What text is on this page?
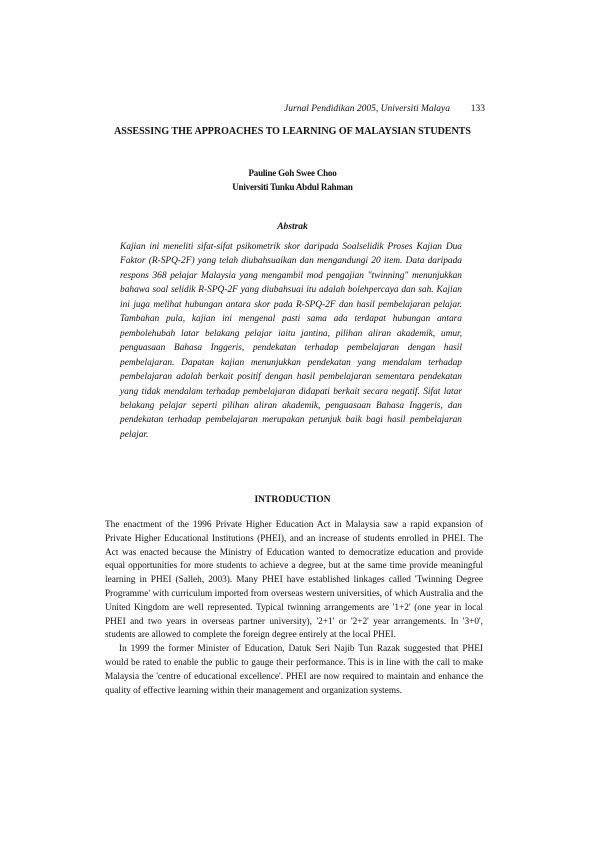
Jurnal Pendidikan 2005, Universiti Malaya 133
ASSESSING THE APPROACHES TO LEARNING OF MALAYSIAN STUDENTS
Pauline Goh Swee Choo
Universiti Tunku Abdul Rahman
Abstrak
Kajian ini meneliti sifat-sifat psikometrik skor daripada Soalselidik Proses Kajian Dua Faktor (R-SPQ-2F) yang telah diubahsuaikan dan mengandungi 20 item. Data daripada respons 368 pelajar Malaysia yang mengambil mod pengajian "twinning" menunjukkan bahawa soal selidik R-SPQ-2F yang diubahsuai itu adalah bolehpercaya dan sah. Kajian ini juga melihat hubungan antara skor pada R-SPQ-2F dan hasil pembelajaran pelajar. Tambahan pula, kajian ini mengenal pasti sama ada terdapat hubungan antara pembolehubah latar belakang pelajar iaitu jantina, pilihan aliran akademik, umur, penguasaan Bahasa Inggeris, pendekatan terhadap pembelajaran dengan hasil pembelajaran. Dapatan kajian menunjukkan pendekatan yang mendalam terhadap pembelajaran adalah berkait positif dengan hasil pembelajaran sementara pendekatan yang tidak mendalam terhadap pembelajaran didapati berkait secara negatif. Sifat latar belakang pelajar seperti pilihan aliran akademik, penguasaan Bahasa Inggeris, dan pendekatan terhadap pembelajaran merupakan petunjuk baik bagi hasil pembelajaran pelajar.
INTRODUCTION

The enactment of the 1996 Private Higher Education Act in Malaysia saw a rapid expansion of Private Higher Educational Institutions (PHEI), and an increase of students enrolled in PHEI. The Act was enacted because the Ministry of Education wanted to democratize education and provide equal opportunities for more students to achieve a degree, but at the same time provide meaningful learning in PHEI (Salleh, 2003). Many PHEI have established linkages called 'Twinning Degree Programme' with curriculum imported from overseas western universities, of which Australia and the United Kingdom are well represented. Typical twinning arrangements are '1+2' (one year in local PHEI and two years in overseas partner university), '2+1' or '2+2' year arrangements. In '3+0', students are allowed to complete the foreign degree entirely at the local PHEI.

In 1999 the former Minister of Education, Datuk Seri Najib Tun Razak suggested that PHEI would be rated to enable the public to gauge their performance. This is in line with the call to make Malaysia the 'centre of educational excellence'. PHEI are now required to maintain and enhance the quality of effective learning within their management and organization systems.
